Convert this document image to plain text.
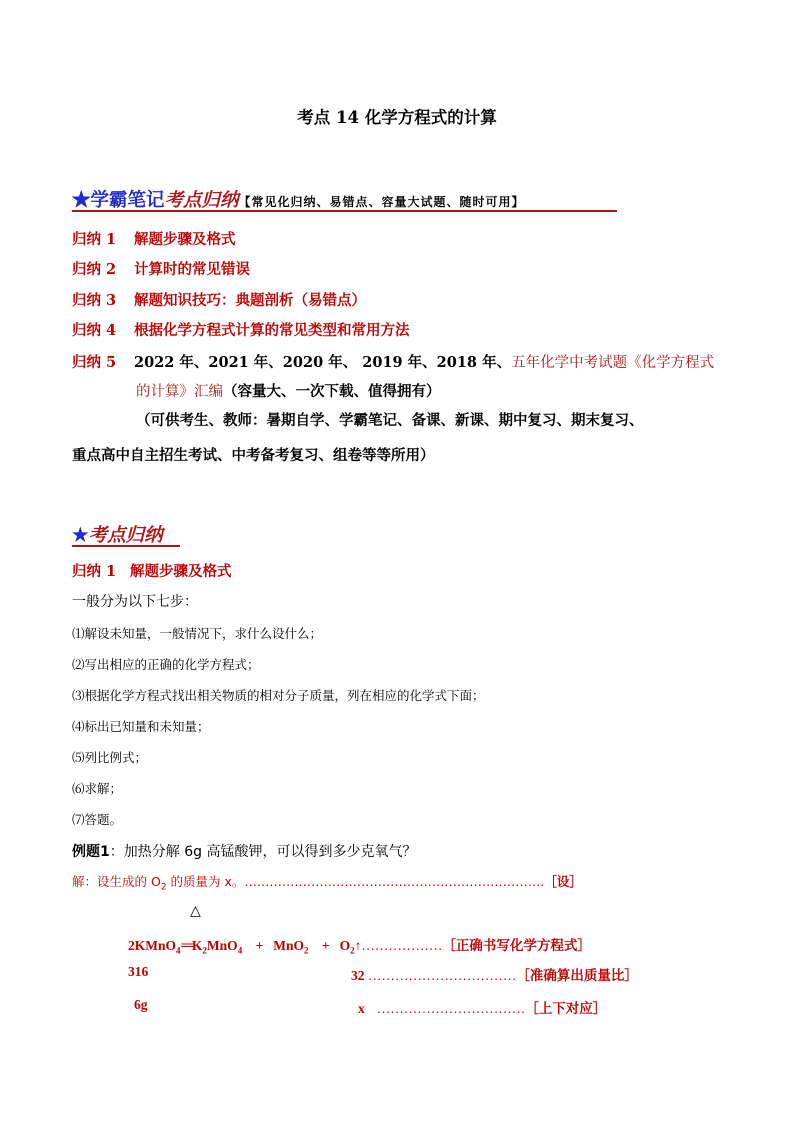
考点 14 化学方程式的计算
★学霸笔记考点归纳【常见化归纳、易错点、容量大试题、随时可用】
归纳 1 解题步骤及格式
归纳 2 计算时的常见错误
归纳 3 解题知识技巧：典题剖析（易错点）
归纳 4 根据化学方程式计算的常见类型和常用方法
归纳 5 2022 年、2021 年、2020 年、 2019 年、2018 年、五年化学中考试题《化学方程式
的计算》汇编（容量大、一次下载、值得拥有）
（可供考生、教师：暑期自学、学霸笔记、备课、新课、期中复习、期末复习、
重点高中自主招生考试、中考备考复习、组卷等等所用）
★考点归纳
归纳 1 解题步骤及格式
一般分为以下七步：
⑴解设未知量，一般情况下，求什么设什么；
⑵写出相应的正确的化学方程式；
⑶根据化学方程式找出相关物质的相对分子质量，列在相应的化学式下面；
⑷标出已知量和未知量；
⑸列比例式；
⑹求解；
⑺答题。
例题1：加热分解 6g 高锰酸钾，可以得到多少克氧气？
解：设生成的 $O_2$ 的质量为 x。………………………………………………………………［设］
△
$2KMnO_4==K_2MnO_4 + MnO_2$ + $O_2↑\dots\dots\dots\dots\dots\dots[$正确书写化学方程式］
316	32 ……………………………［准确算出质量比］
6g	x ……………………………［上下对应］
